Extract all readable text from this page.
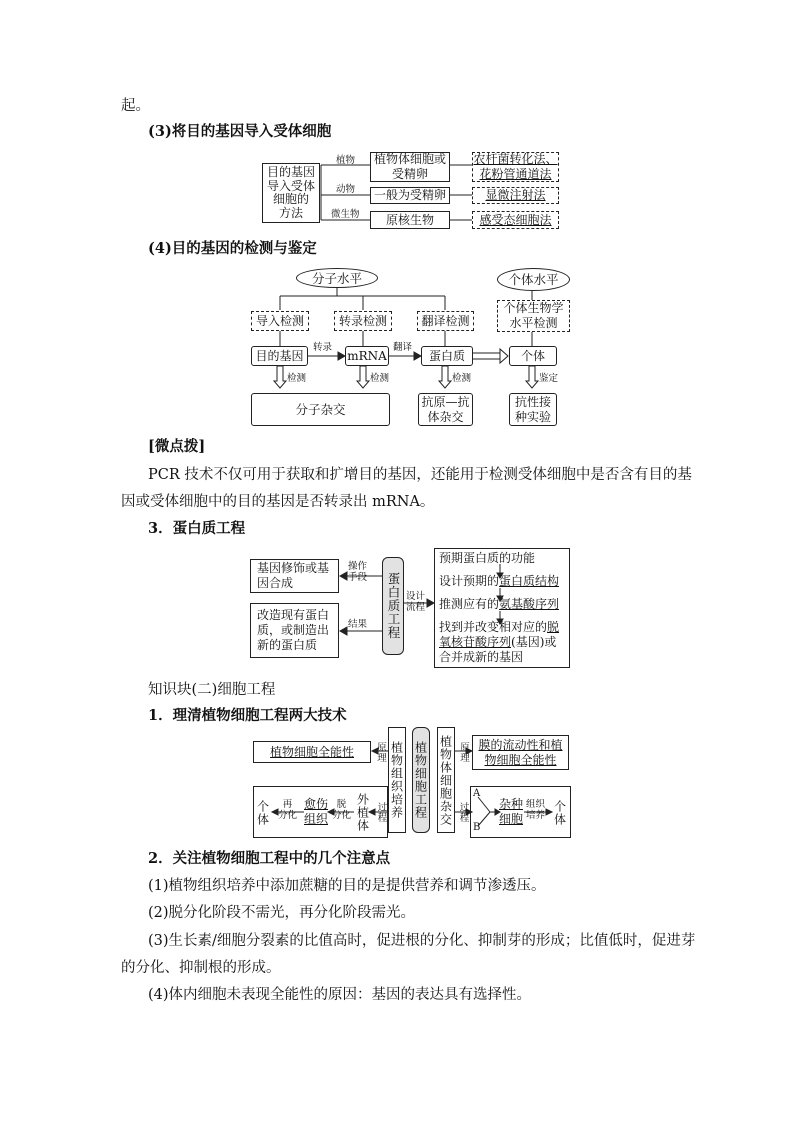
起。
(3)将目的基因导入受体细胞
目的基因
导入受体
细胞的
方法
植物
动物
微生物
植物体细胞或
受精卵
一般为受精卵
原核生物
农杆菌转化法、
花粉管通道法
显微注射法
感受态细胞法
(4)目的基因的检测与鉴定
分子水平	个体水平
导入检测	转录检测	翻译检测
个体生物学
水平检测
目的基因	mRNA	蛋白质	个体
转录	翻译
检测	检测	检测	鉴定
分子杂交
抗原—抗
体杂交
抗性接
种实验
[微点拨]
PCR 技术不仅可用于获取和扩增目的基因，还能用于检测受体细胞中是否含有目的基
因或受体细胞中的目的基因是否转录出 mRNA。
3．蛋白质工程
基因修饰或基
因合成
改造现有蛋白
质，或制造出
新的蛋白质
操作
手段
结果	蛋白质工程 设计
流程
预期蛋白质的功能
设计预期的蛋白质结构
推测应有的氨基酸序列
找到并改变相对应的脱
氧核苷酸序列(基因)或
合并成新的基因
知识块(二)细胞工程
1．理清植物细胞工程两大技术
植物细胞全能性 原理 植物组织培养 植物细胞工程 植物体细胞杂交 原理 膜的流动性和植
物细胞全能性
个体	再
分化
愈伤
组织
脱
分化 外植体 过程	过程
A
B
杂种
细胞
组织
培养 个体
2．关注植物细胞工程中的几个注意点
(1)植物组织培养中添加蔗糖的目的是提供营养和调节渗透压。
(2)脱分化阶段不需光，再分化阶段需光。
(3)生长素/细胞分裂素的比值高时，促进根的分化、抑制芽的形成；比值低时，促进芽
的分化、抑制根的形成。
(4)体内细胞未表现全能性的原因：基因的表达具有选择性。
